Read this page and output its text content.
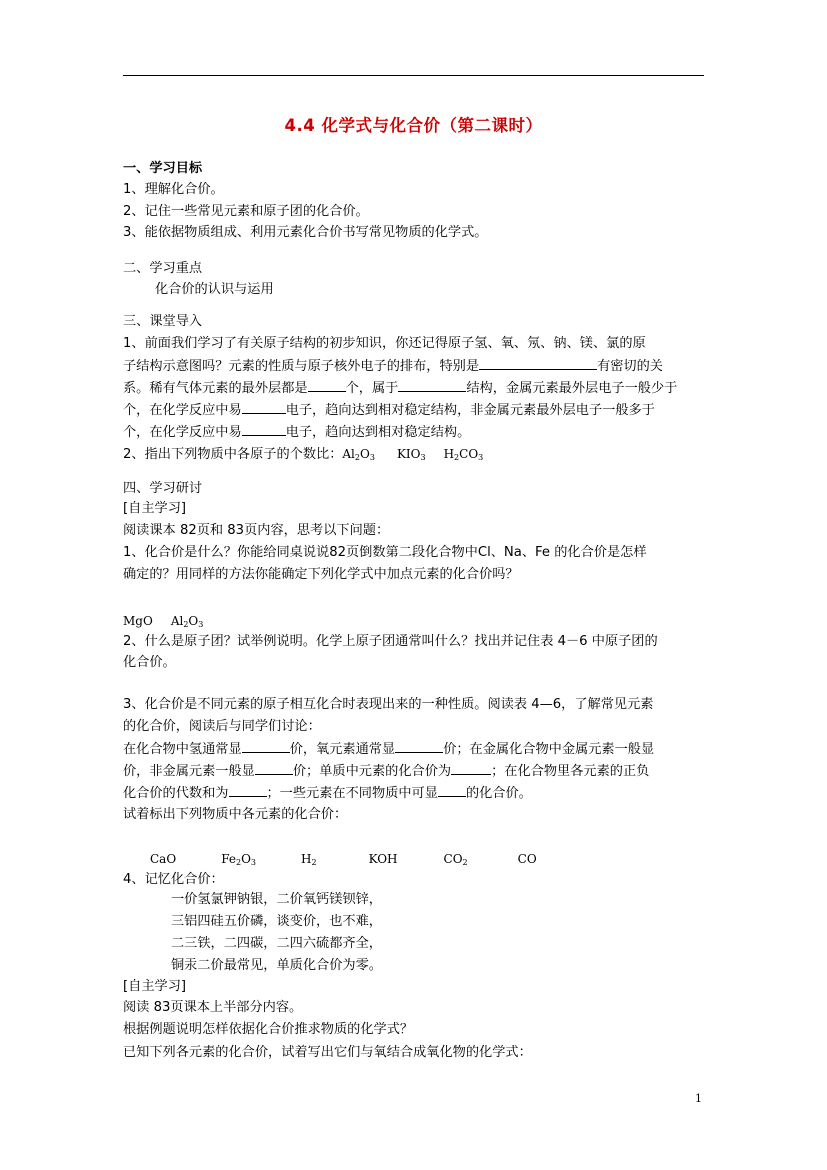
4.4 化学式与化合价（第二课时）
一、学习目标
1、理解化合价。
2、记住一些常见元素和原子团的化合价。
3、能依据物质组成、利用元素化合价书写常见物质的化学式。
二、学习重点
化合价的认识与运用
三、课堂导入
1、前面我们学习了有关原子结构的初步知识，你还记得原子氢、氧、氖、钠、镁、氯的原
子结构示意图吗？元素的性质与原子核外电子的排布，特别是	有密切的关
系。稀有气体元素的最外层都是	个，属于	结构，金属元素最外层电子一般少于
个，在化学反应中易	电子，趋向达到相对稳定结构，非金属元素最外层电子一般多于
个，在化学反应中易	电子，趋向达到相对稳定结构。
2、指出下列物质中各原子的个数比：$Al_2O_3$ $KIO_3$ $H_2CO_3$
四、学习研讨
[自主学习]
阅读课本 82页和 83页内容，思考以下问题：
1、化合价是什么？你能给同桌说说82页倒数第二段化合物中Cl、Na、Fe 的化合价是怎样
确定的？用同样的方法你能确定下列化学式中加点元素的化合价吗？
MgO $Al_2O_3$
2、什么是原子团？试举例说明。化学上原子团通常叫什么？找出并记住表 4－6 中原子团的
化合价。
3、化合价是不同元素的原子相互化合时表现出来的一种性质。阅读表 4—6，了解常见元素
的化合价，阅读后与同学们讨论：
在化合物中氢通常显	价，氧元素通常显	价；在金属化合物中金属元素一般显
价，非金属元素一般显	价；单质中元素的化合价为	；在化合物里各元素的正负
化合价的代数和为	；一些元素在不同物质中可显 的化合价。
试着标出下列物质中各元素的化合价：
CaO	$Fe_2O_3$	$H_2$	KOH	$CO_2$	CO
4、记忆化合价：
一价氢氯钾钠银，二价氧钙镁钡锌，
三铝四硅五价磷，谈变价，也不难，
二三铁，二四碳，二四六硫都齐全，
铜汞二价最常见，单质化合价为零。
[自主学习]
阅读 83页课本上半部分内容。
根据例题说明怎样依据化合价推求物质的化学式？
已知下列各元素的化合价，试着写出它们与氧结合成氧化物的化学式：
1
